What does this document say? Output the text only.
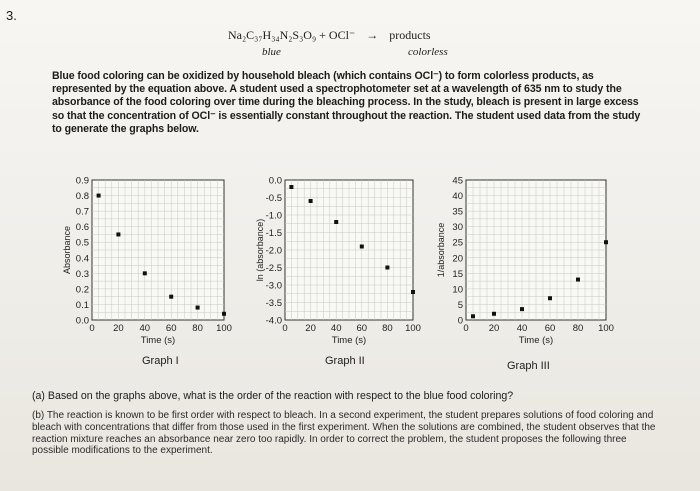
3.
Na₂C₃₇H₃₄N₂S₃O₉ + OCl⁻ → products
blue	colorless
Blue food coloring can be oxidized by household bleach (which contains OCl⁻) to form colorless products, as represented by the equation above. A student used a spectrophotometer set at a wavelength of 635 nm to study the absorbance of the food coloring over time during the bleaching process. In the study, bleach is present in large excess so that the concentration of OCl⁻ is essentially constant throughout the reaction. The student used data from the study to generate the graphs below.
0 20 40 60 80 100
0.0
0.1
0.2
0.3
0.4
0.5
0.6
0.7
0.8
0.9
Time (s)
Absorbance
Graph I
0 20 40 60 80 100
0.0
-0.5
-1.0
-1.5
-2.0
-2.5
-3.0
-3.5
-4.0
Time (s)
ln (absorbance)
Graph II
0 20 40 60 80 100
0
5
10
15
20
25
30
35
40
45
Time (s)
1/absorbance
Graph III
(a) Based on the graphs above, what is the order of the reaction with respect to the blue food coloring?
(b) The reaction is known to be first order with respect to bleach. In a second experiment, the student prepares solutions of food coloring and bleach with concentrations that differ from those used in the first experiment. When the solutions are combined, the student observes that the reaction mixture reaches an absorbance near zero too rapidly. In order to correct the problem, the student proposes the following three possible modifications to the experiment.
